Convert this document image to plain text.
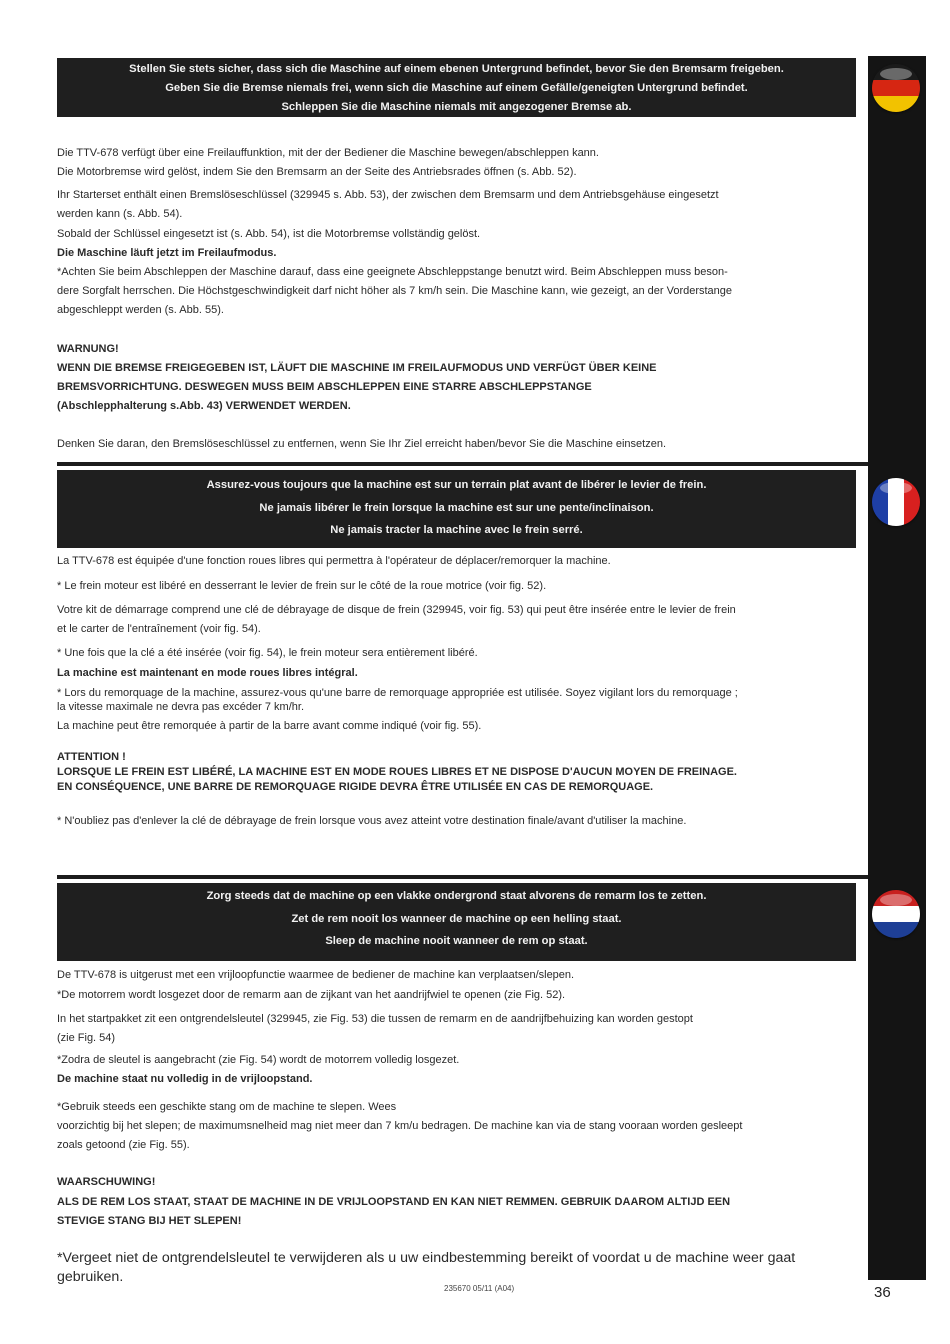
Stellen Sie stets sicher, dass sich die Maschine auf einem ebenen Untergrund befindet, bevor Sie den Bremsarm freigeben.
Geben Sie die Bremse niemals frei, wenn sich die Maschine auf einem Gefälle/geneigten Untergrund befindet.
Schleppen Sie die Maschine niemals mit angezogener Bremse ab.
Die TTV-678 verfügt über eine Freilauffunktion, mit der der Bediener die Maschine bewegen/abschleppen kann.
Die Motorbremse wird gelöst, indem Sie den Bremsarm an der Seite des Antriebsrades öffnen (s. Abb. 52).
Ihr Starterset enthält einen Bremslöseschlüssel (329945 s. Abb. 53), der zwischen dem Bremsarm und dem Antriebsgehäuse eingesetzt
werden kann (s. Abb. 54).
Sobald der Schlüssel eingesetzt ist (s. Abb. 54), ist die Motorbremse vollständig gelöst.
Die Maschine läuft jetzt im Freilaufmodus.
*Achten Sie beim Abschleppen der Maschine darauf, dass eine geeignete Abschleppstange benutzt wird. Beim Abschleppen muss beson-
dere Sorgfalt herrschen. Die Höchstgeschwindigkeit darf nicht höher als 7 km/h sein. Die Maschine kann, wie gezeigt, an der Vorderstange
abgeschleppt werden (s. Abb. 55).
WARNUNG!
WENN DIE BREMSE FREIGEGEBEN IST, LÄUFT DIE MASCHINE IM FREILAUFMODUS UND VERFÜGT ÜBER KEINE
BREMSVORRICHTUNG. DESWEGEN MUSS BEIM ABSCHLEPPEN EINE STARRE ABSCHLEPPSTANGE
(Abschlepphalterung s.Abb. 43) VERWENDET WERDEN.
Denken Sie daran, den Bremslöseschlüssel zu entfernen, wenn Sie Ihr Ziel erreicht haben/bevor Sie die Maschine einsetzen.
Assurez-vous toujours que la machine est sur un terrain plat avant de libérer le levier de frein.
Ne jamais libérer le frein lorsque la machine est sur une pente/inclinaison.
Ne jamais tracter la machine avec le frein serré.
La TTV-678 est équipée d'une fonction roues libres qui permettra à l'opérateur de déplacer/remorquer la machine.
* Le frein moteur est libéré en desserrant le levier de frein sur le côté de la roue motrice (voir fig. 52).
Votre kit de démarrage comprend une clé de débrayage de disque de frein (329945, voir fig. 53) qui peut être insérée entre le levier de frein
et le carter de l'entraînement (voir fig. 54).
* Une fois que la clé a été insérée (voir fig. 54), le frein moteur sera entièrement libéré.
La machine est maintenant en mode roues libres intégral.
* Lors du remorquage de la machine, assurez-vous qu'une barre de remorquage appropriée est utilisée. Soyez vigilant lors du remorquage ;
la vitesse maximale ne devra pas excéder 7 km/hr.
La machine peut être remorquée à partir de la barre avant comme indiqué (voir fig. 55).
ATTENTION !
LORSQUE LE FREIN EST LIBÉRÉ, LA MACHINE EST EN MODE ROUES LIBRES ET NE DISPOSE D'AUCUN MOYEN DE FREINAGE.
EN CONSÉQUENCE, UNE BARRE DE REMORQUAGE RIGIDE DEVRA ÊTRE UTILISÉE EN CAS DE REMORQUAGE.
* N'oubliez pas d'enlever la clé de débrayage de frein lorsque vous avez atteint votre destination finale/avant d'utiliser la machine.
Zorg steeds dat de machine op een vlakke ondergrond staat alvorens de remarm los te zetten.
Zet de rem nooit los wanneer de machine op een helling staat.
Sleep de machine nooit wanneer de rem op staat.
De TTV-678 is uitgerust met een vrijloopfunctie waarmee de bediener de machine kan verplaatsen/slepen.
*De motorrem wordt losgezet door de remarm aan de zijkant van het aandrijfwiel te openen (zie Fig. 52).
In het startpakket zit een ontgrendelsleutel (329945, zie Fig. 53) die tussen de remarm en de aandrijfbehuizing kan worden gestopt
(zie Fig. 54)
*Zodra de sleutel is aangebracht (zie Fig. 54) wordt de motorrem volledig losgezet.
De machine staat nu volledig in de vrijloopstand.
*Gebruik steeds een geschikte stang om de machine te slepen. Wees
voorzichtig bij het slepen; de maximumsnelheid mag niet meer dan 7 km/u bedragen. De machine kan via de stang vooraan worden gesleept
zoals getoond (zie Fig. 55).
WAARSCHUWING!
ALS DE REM LOS STAAT, STAAT DE MACHINE IN DE VRIJLOOPSTAND EN KAN NIET REMMEN. GEBRUIK DAAROM ALTIJD EEN
STEVIGE STANG BIJ HET SLEPEN!
*Vergeet niet de ontgrendelsleutel te verwijderen als u uw eindbestemming bereikt of voordat u de machine weer gaat gebruiken.
235670 05/11 (A04)	36
